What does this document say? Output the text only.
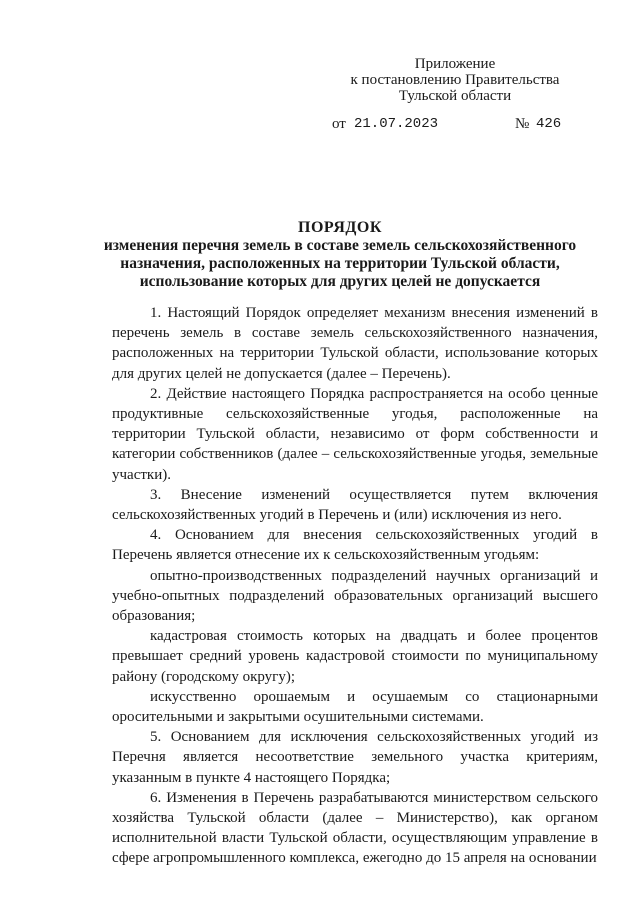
Приложение
к постановлению Правительства
Тульской области
от 21.07.2023	№ 426
ПОРЯДОК
изменения перечня земель в составе земель сельскохозяйственного
назначения, расположенных на территории Тульской области,
использование которых для других целей не допускается

1. Настоящий Порядок определяет механизм внесения изменений в перечень земель в составе земель сельскохозяйственного назначения, расположенных на территории Тульской области, использование которых для других целей не допускается (далее – Перечень).

2. Действие настоящего Порядка распространяется на особо ценные продуктивные сельскохозяйственные угодья, расположенные на территории Тульской области, независимо от форм собственности и категории собственников (далее – сельскохозяйственные угодья, земельные участки).

3. Внесение изменений осуществляется путем включения сельскохозяйственных угодий в Перечень и (или) исключения из него.

4. Основанием для внесения сельскохозяйственных угодий в Перечень является отнесение их к сельскохозяйственным угодьям:

опытно-производственных подразделений научных организаций и учебно-опытных подразделений образовательных организаций высшего образования;

кадастровая стоимость которых на двадцать и более процентов превышает средний уровень кадастровой стоимости по муниципальному району (городскому округу);

искусственно орошаемым и осушаемым со стационарными оросительными и закрытыми осушительными системами.

5. Основанием для исключения сельскохозяйственных угодий из Перечня является несоответствие земельного участка критериям, указанным в пункте 4 настоящего Порядка;

6. Изменения в Перечень разрабатываются министерством сельского хозяйства Тульской области (далее – Министерство), как органом исполнительной власти Тульской области, осуществляющим управление в сфере агропромышленного комплекса, ежегодно до 15 апреля на основании
